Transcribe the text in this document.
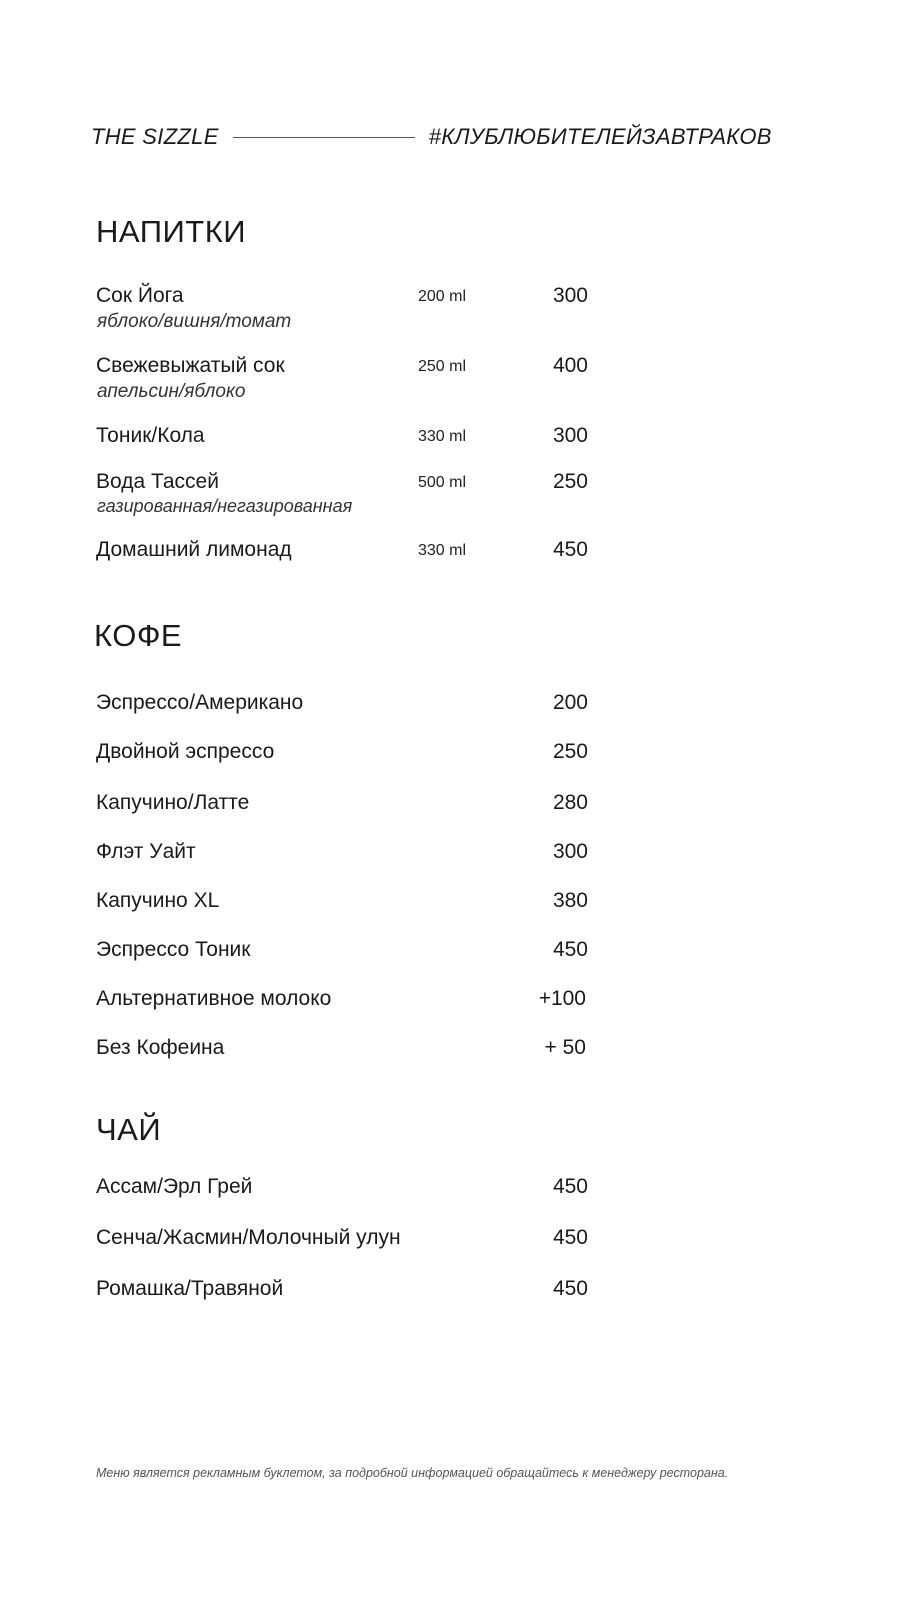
THE SIZZLE	#КЛУБЛЮБИТЕЛЕЙЗАВТРАКОВ
НАПИТКИ
Сок Йога
яблоко/вишня/томат
200 ml	300
Свежевыжатый сок
апельсин/яблоко
250 ml	400
Тоник/Кола	330 ml	300
Вода Тассей
газированная/негазированная
500 ml	250
Домашний лимонад	330 ml	450
КОФЕ
Эспрессо/Американо	200
Двойной эспрессо	250
Капучино/Латте	280
Флэт Уайт	300
Капучино XL	380
Эспрессо Тоник	450
Альтернативное молоко	+100
Без Кофеина	+ 50
ЧАЙ
Ассам/Эрл Грей	450
Сенча/Жасмин/Молочный улун	450
Ромашка/Травяной	450
Меню является рекламным буклетом, за подробной информацией обращайтесь к менеджеру ресторана.
